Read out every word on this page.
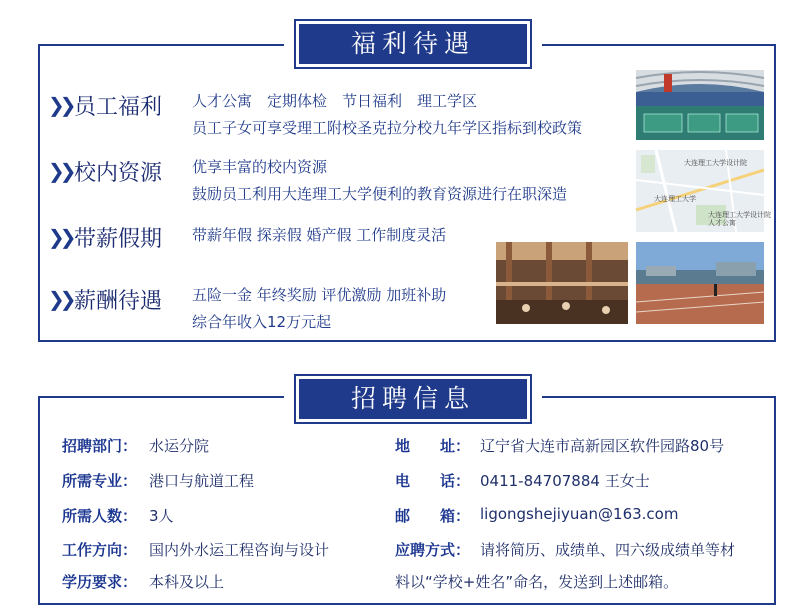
福利待遇
❯❯ 员工福利 人才公寓　定期体检　节日福利　理工学区
员工子女可享受理工附校圣克拉分校九年学区指标到校政策
❯❯ 校内资源 优享丰富的校内资源
鼓励员工利用大连理工大学便利的教育资源进行在职深造
❯❯ 带薪假期 带薪年假 探亲假 婚产假 工作制度灵活
❯❯ 薪酬待遇 五险一金 年终奖励 评优激励 加班补助
综合年收入12万元起
大连理工大学设计院
大连理工大学设计院
人才公寓
大连理工大学
招聘信息
招聘部门： 水运分院
所需专业： 港口与航道工程
所需人数： 3人
工作方向： 国内外水运工程咨询与设计
学历要求： 本科及以上
地　　址： 辽宁省大连市高新园区软件园路80号
电　　话： 0411-84707884 王女士
邮　　箱： ligongshejiyuan@163.com
应聘方式： 请将简历、成绩单、四六级成绩单等材
料以“学校+姓名”命名，发送到上述邮箱。
